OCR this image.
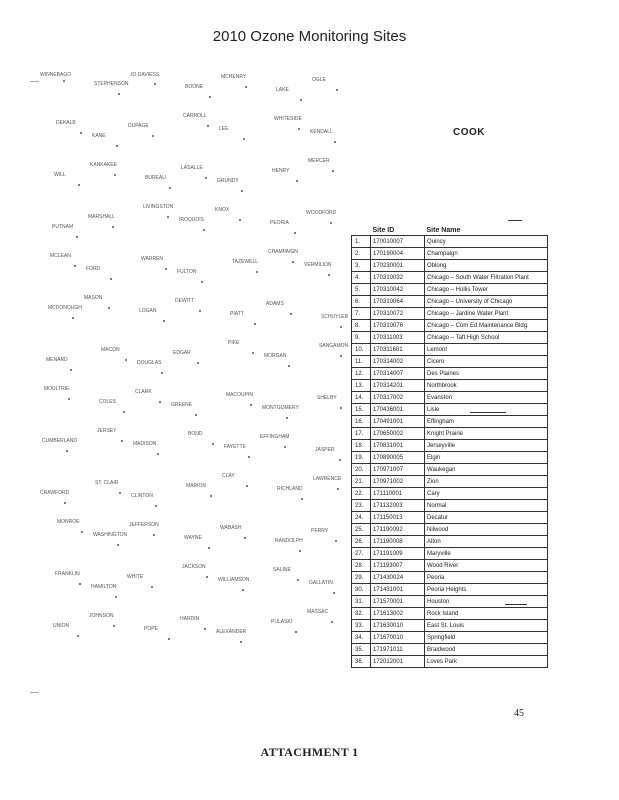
2010 Ozone Monitoring Sites
COOK
WINNEBAGO
STEPHENSON
JO DAVIESS
BOONE
MCHENRY
LAKE
OGLE
DEKALB
KANE
DUPAGE
CARROLL
LEE
WHITESIDE
KENDALL
WILL
KANKAKEE
BUREAU
LASALLE
GRUNDY
HENRY
MERCER
PUTNAM
MARSHALL
LIVINGSTON
IROQUOIS
KNOX
PEORIA
WOODFORD
MCLEAN
FORD
WARREN
FULTON
TAZEWELL
CHAMPAIGN
VERMILION
MCDONOUGH
MASON
LOGAN
DEWITT
PIATT
ADAMS
SCHUYLER
MENARD
MACON
DOUGLAS
EDGAR
PIKE
MORGAN
SANGAMON
MOULTRIE
COLES
CLARK
GREENE
MACOUPIN
MONTGOMERY
SHELBY
CUMBERLAND
JERSEY
MADISON
BOND
FAYETTE
EFFINGHAM
JASPER
CRAWFORD
ST. CLAIR
CLINTON
MARION
CLAY
RICHLAND
LAWRENCE
MONROE
WASHINGTON
JEFFERSON
WAYNE
WABASH
RANDOLPH
PERRY
FRANKLIN
HAMILTON
WHITE
JACKSON
WILLIAMSON
SALINE
GALLATIN
UNION
JOHNSON
POPE
HARDIN
ALEXANDER
PULASKI
MASSAC
	Site ID	Site Name
1.	170010007	Quincy
2.	170190004	Champaign
3.	170230001	Oblong
4.	170310032	Chicago – South Water Filtration Plant
5.	170310042	Chicago – Hollis Tower
6.	170310064	Chicago – University of Chicago
7.	170310072	Chicago – Jardine Water Plant
8.	170310076	Chicago – Com Ed Maintenance Bldg.
9.	170311003	Chicago – Taft High School
10.	170311601	Lemont
11.	170314002	Cicero
12.	170314007	Des Plaines
13.	170314201	Northbrook
14.	170317002	Evanston
15.	170436001	Lisle
16.	170491001	Effingham
17.	170650002	Knight Prairie
18.	170831001	Jerseyville
19.	170890005	Elgin
20.	170971007	Waukegan
21.	170971002	Zion
22.	171110001	Cary
23.	171132003	Normal
24.	171150013	Decatur
25.	171190092	Nilwood
26.	171190008	Alton
27.	171191009	Maryville
28.	171193007	Wood River
29.	171430024	Peoria
30.	171431001	Peoria Heights
31.	171570001	Houston
32.	171613002	Rock Island
33.	171630010	East St. Louis
34.	171670010	Springfield
35.	171971011	Braidwood
36.	172012001	Loves Park
45
ATTACHMENT 1
